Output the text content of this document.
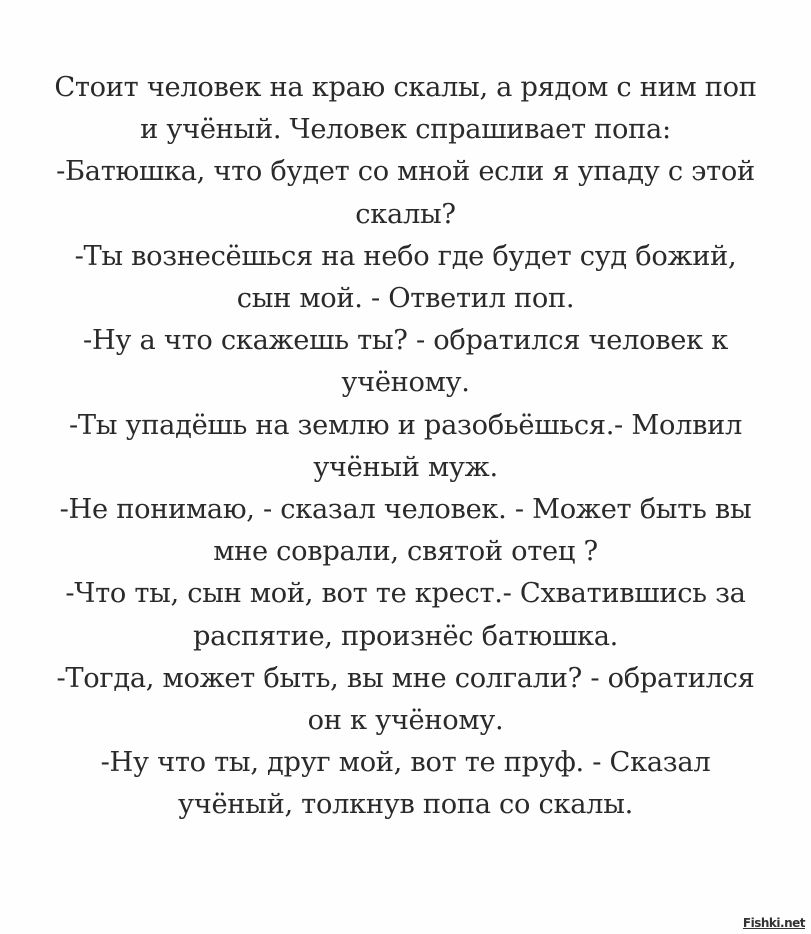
Стоит человек на краю скалы, а рядом с ним поп
и учёный. Человек спрашивает попа:
-Батюшка, что будет со мной если я упаду с этой
скалы?
-Ты вознесёшься на небо где будет суд божий,
сын мой. - Ответил поп.
-Ну а что скажешь ты? - обратился человек к
учёному.
-Ты упадёшь на землю и разобьёшься.- Молвил
учёный муж.
-Не понимаю, - сказал человек. - Может быть вы
мне соврали, святой отец ?
-Что ты, сын мой, вот те крест.- Схватившись за
распятие, произнёс батюшка.
-Тогда, может быть, вы мне солгали? - обратился
он к учёному.
-Ну что ты, друг мой, вот те пруф. - Сказал
учёный, толкнув попа со скалы.
Fishki.net
